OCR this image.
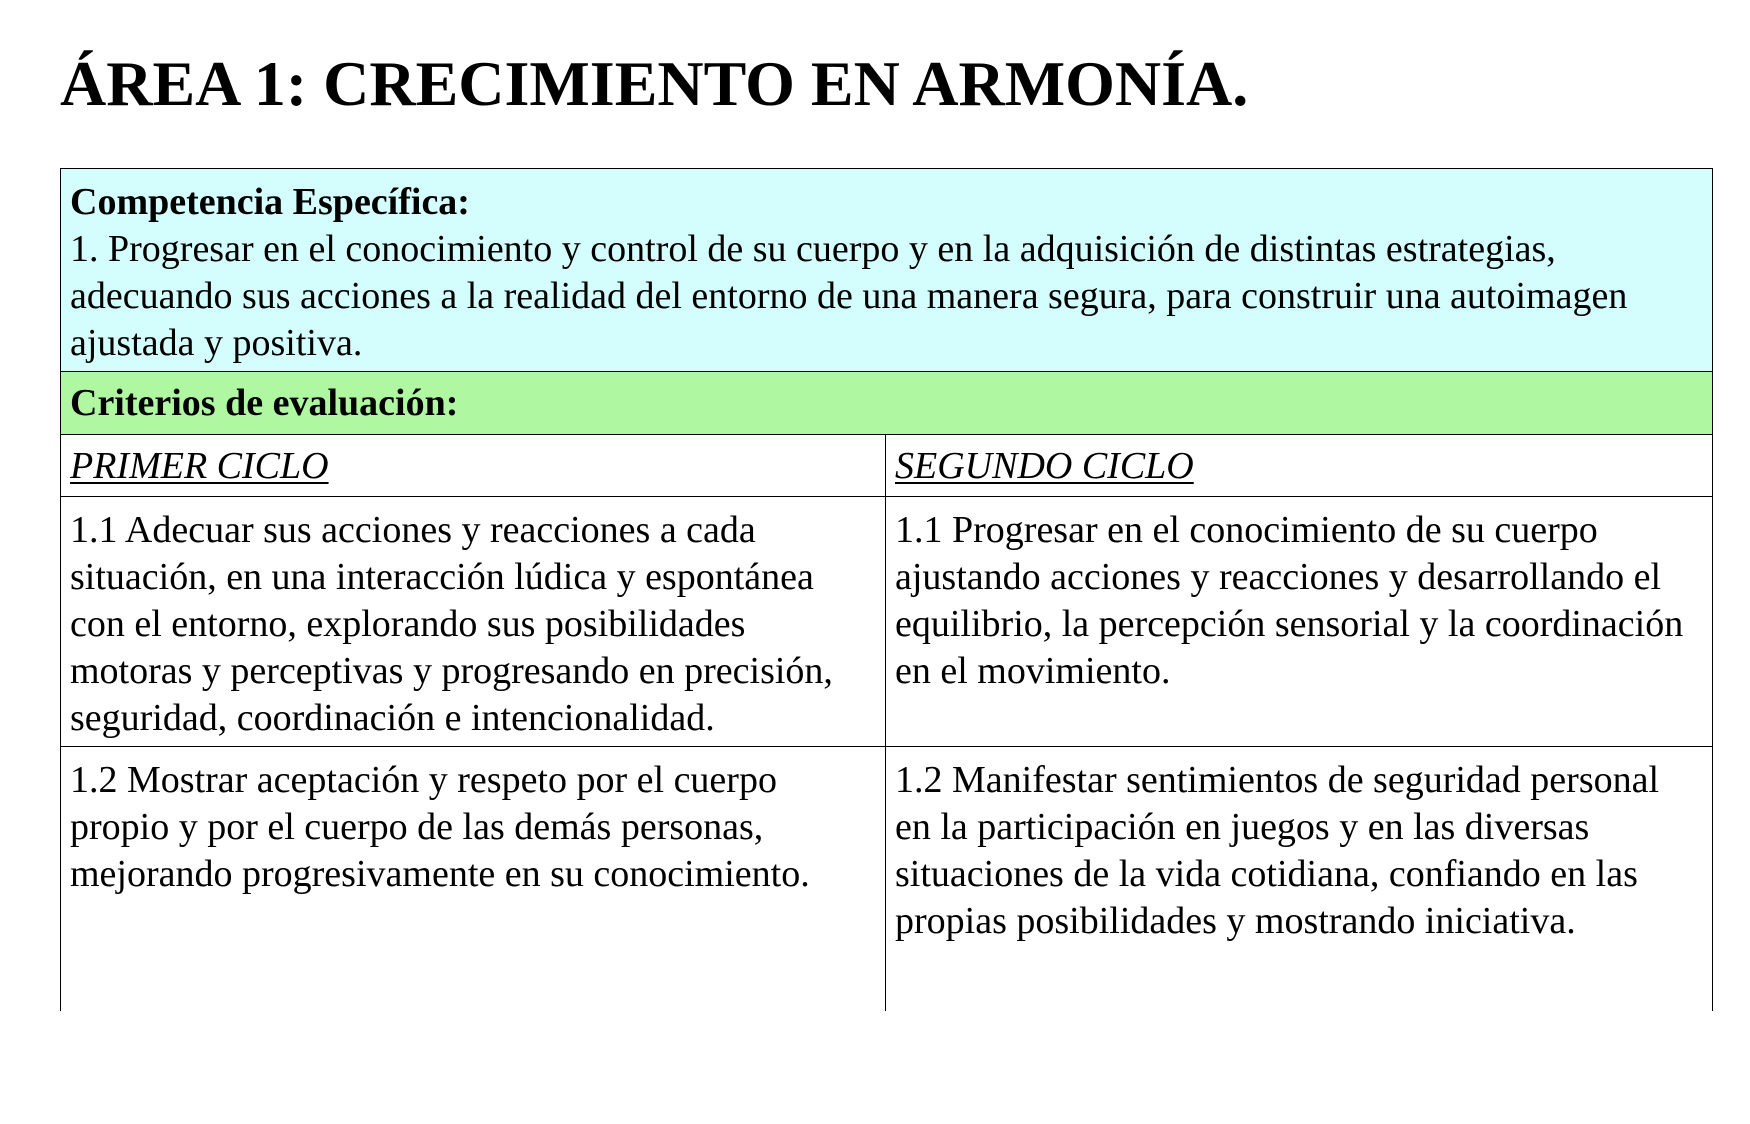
ÁREA 1: CRECIMIENTO EN ARMONÍA.
Competencia Específica:
1. Progresar en el conocimiento y control de su cuerpo y en la adquisición de distintas estrategias, adecuando sus acciones a la realidad del entorno de una manera segura, para construir una autoimagen ajustada y positiva.	

Criterios de evaluación:	

PRIMER CICLO	SEGUNDO CICLO
1.1 Adecuar sus acciones y reacciones a cada situación, en una interacción lúdica y espontánea con el entorno, explorando sus posibilidades motoras y perceptivas y progresando en precisión, seguridad, coordinación e intencionalidad.	1.1 Progresar en el conocimiento de su cuerpo ajustando acciones y reacciones y desarrollando el equilibrio, la percepción sensorial y la coordinación en el movimiento.
1.2 Mostrar aceptación y respeto por el cuerpo propio y por el cuerpo de las demás personas, mejorando progresivamente en su conocimiento.	1.2 Manifestar sentimientos de seguridad personal en la participación en juegos y en las diversas situaciones de la vida cotidiana, confiando en las propias posibilidades y mostrando iniciativa.
